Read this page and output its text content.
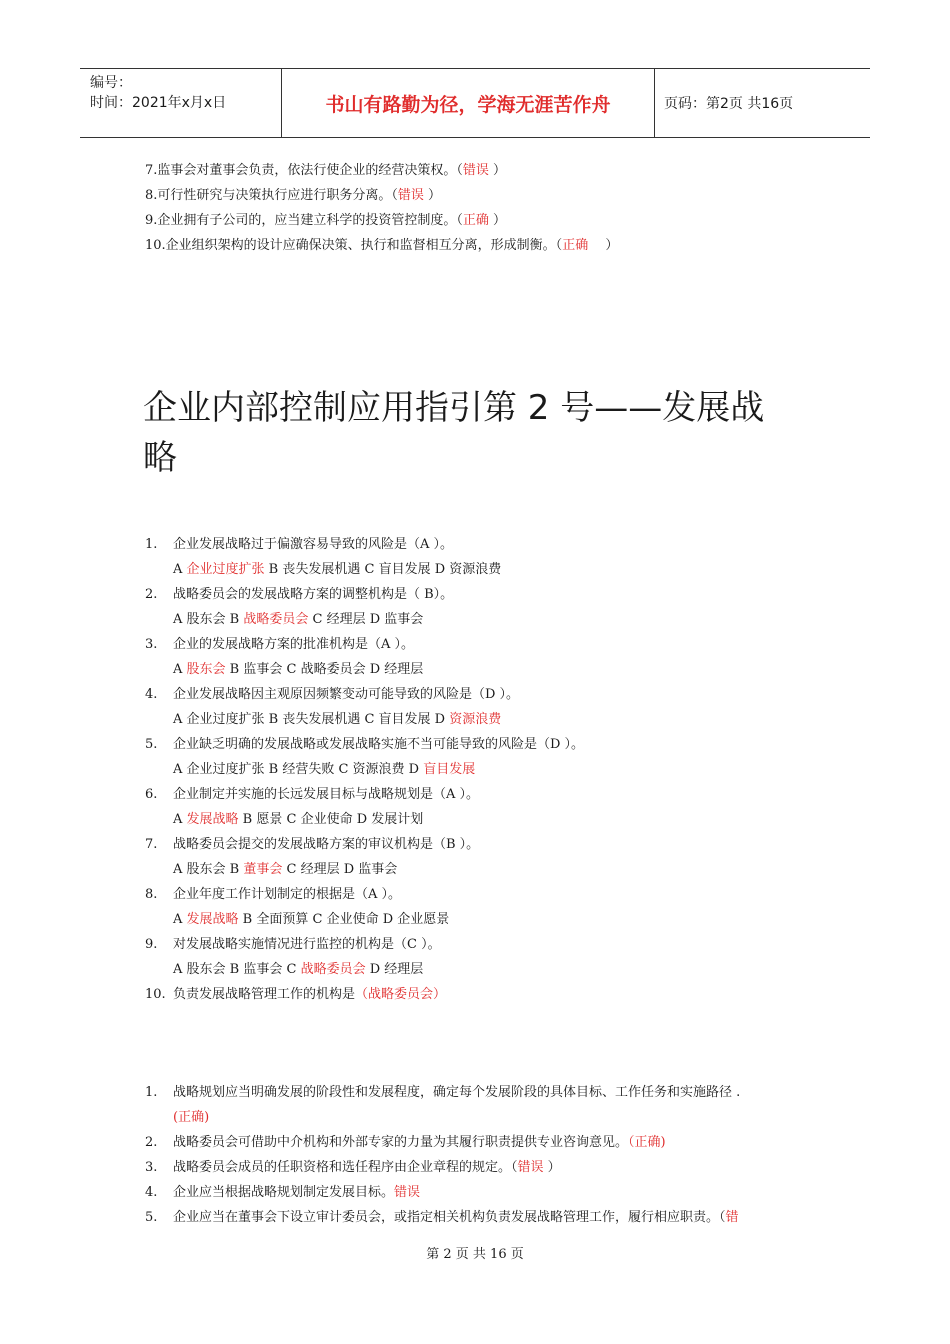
编号：
时间：2021年x月x日	书山有路勤为径，学海无涯苦作舟	页码：第2页 共16页
7.监事会对董事会负责，依法行使企业的经营决策权。（错误 ）
8.可行性研究与决策执行应进行职务分离。（错误 ）
9.企业拥有子公司的，应当建立科学的投资管控制度。（正确 ）
10.企业组织架构的设计应确保决策、执行和监督相互分离，形成制衡。（正确　 ）
企业内部控制应用指引第 2 号——发展战
略
1. 企业发展战略过于偏激容易导致的风险是（A ）。
A 企业过度扩张 B 丧失发展机遇 C 盲目发展 D 资源浪费
2. 战略委员会的发展战略方案的调整机构是（ B）。
A 股东会 B 战略委员会 C 经理层 D 监事会
3. 企业的发展战略方案的批准机构是（A ）。
A 股东会 B 监事会 C 战略委员会 D 经理层
4. 企业发展战略因主观原因频繁变动可能导致的风险是（D ）。
A 企业过度扩张 B 丧失发展机遇 C 盲目发展 D 资源浪费
5. 企业缺乏明确的发展战略或发展战略实施不当可能导致的风险是（D ）。
A 企业过度扩张 B 经营失败 C 资源浪费 D 盲目发展
6. 企业制定并实施的长远发展目标与战略规划是（A ）。
A 发展战略 B 愿景 C 企业使命 D 发展计划
7. 战略委员会提交的发展战略方案的审议机构是（B ）。
A 股东会 B 董事会 C 经理层 D 监事会
8. 企业年度工作计划制定的根据是（A ）。
A 发展战略 B 全面预算 C 企业使命 D 企业愿景
9. 对发展战略实施情况进行监控的机构是（C ）。
A 股东会 B 监事会 C 战略委员会 D 经理层
10. 负责发展战略管理工作的机构是（战略委员会）
1. 战略规划应当明确发展的阶段性和发展程度，确定每个发展阶段的具体目标、工作任务和实施路径 .
(正确)
2. 战略委员会可借助中介机构和外部专家的力量为其履行职责提供专业咨询意见。（正确)
3. 战略委员会成员的任职资格和选任程序由企业章程的规定。（错误 ）
4. 企业应当根据战略规划制定发展目标。错误
5. 企业应当在董事会下设立审计委员会，或指定相关机构负责发展战略管理工作，履行相应职责。（错
第 2 页 共 16 页
